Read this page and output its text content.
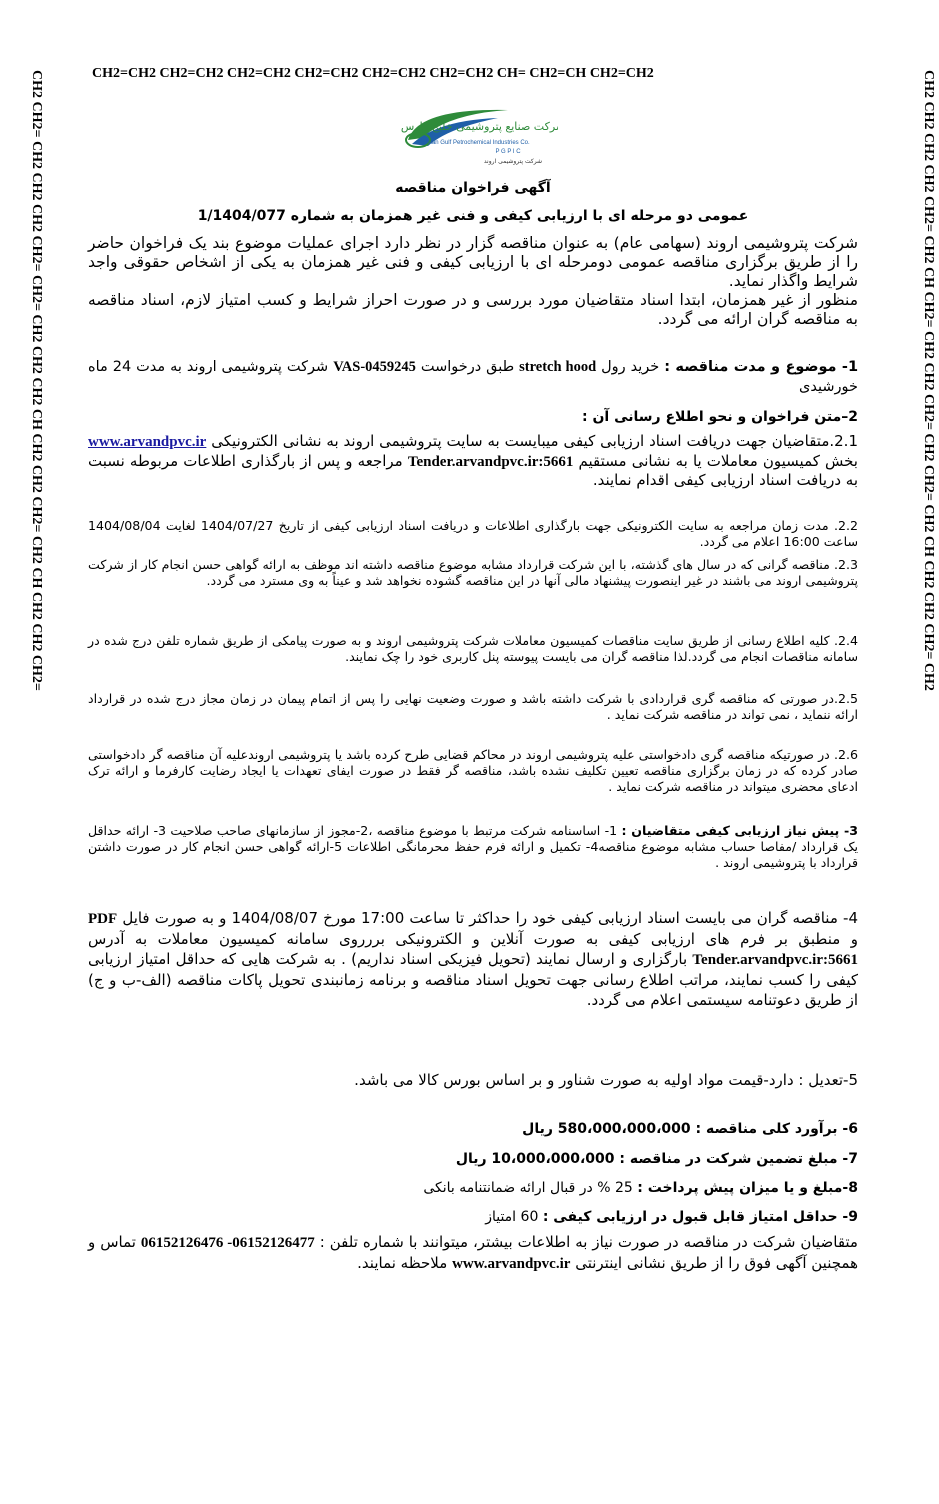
CH2=CH2 CH2=CH2 CH2=CH2 CH2=CH2 CH2=CH2 CH2=CH2 CH= CH2=CH CH2=CH2
CH2 CH2= CH2 CH2 CH2 CH2= CH2= CH2 CH2 CH2 CH CH2 CH2 CH2= CH2 CH CH2 CH2 CH2=	CH2 CH2 CH2 CH2 CH2= CH2 CH CH2= CH2 CH2 CH2= CH2 CH2= CH2 CH CH2 CH2 CH2= CH2
شرکت صنایع پتروشیمی خلیج فارس
Persian Gulf Petrochemical Industries Co.
P G P I C
شرکت پتروشیمی اروند
آگهی فراخوان مناقصه
عمومی دو مرحله ای با ارزیابی کیفی و فنی غیر همزمان به شماره 1/1404/077
شرکت پتروشیمی اروند (سهامی عام) به عنوان مناقصه گزار در نظر دارد اجرای عملیات موضوع بند یک فراخوان حاضر را از طریق برگزاری مناقصه عمومی دومرحله ای با ارزیابی کیفی و فنی غیر همزمان به یکی از اشخاص حقوقی واجد شرایط واگذار نماید.
منظور از غیر همزمان، ابتدا اسناد متقاضیان مورد بررسی و در صورت احراز شرایط و کسب امتیاز لازم، اسناد مناقصه به مناقصه گران ارائه می گردد.
1- موضوع و مدت مناقصه : خرید رول stretch hood طبق درخواست VAS-0459245 شرکت پتروشیمی اروند به مدت 24 ماه خورشیدی
2–متن فراخوان و نحو اطلاع رسانی آن :
2.1.متقاضیان جهت دریافت اسناد ارزیابی کیفی میبایست به سایت پتروشیمی اروند به نشانی الکترونیکی www.arvandpvc.ir بخش کمیسیون معاملات یا به نشانی مستقیم Tender.arvandpvc.ir:5661 مراجعه و پس از بارگذاری اطلاعات مربوطه نسبت به دریافت اسناد ارزیابی کیفی اقدام نمایند.
2.2. مدت زمان مراجعه به سایت الکترونیکی جهت بارگذاری اطلاعات و دریافت اسناد ارزیابی کیفی از تاریخ 1404/07/27 لغایت 1404/08/04 ساعت 16:00 اعلام می گردد.
2.3. مناقصه گرانی که در سال های گذشته، با این شرکت قرارداد مشابه موضوع مناقصه داشته اند موظف به ارائه گواهی حسن انجام کار از شرکت پتروشیمی اروند می باشند در غیر اینصورت پیشنهاد مالی آنها در این مناقصه گشوده نخواهد شد و عیناً به وی مسترد می گردد.
2.4. کلیه اطلاع رسانی از طریق سایت مناقصات کمیسیون معاملات شرکت پتروشیمی اروند و به صورت پیامکی از طریق شماره تلفن درج شده در سامانه مناقصات انجام می گردد.لذا مناقصه گران می بایست پیوسته پنل کاربری خود را چک نمایند.
2.5.در صورتی که مناقصه گری قراردادی با شرکت داشته باشد و صورت وضعیت نهایی را پس از اتمام پیمان در زمان مجاز درج شده در قرارداد ارائه ننماید ، نمی تواند در مناقصه شرکت نماید .
2.6. در صورتیکه مناقصه گری دادخواستی علیه پتروشیمی اروند در محاکم قضایی طرح کرده باشد یا پتروشیمی اروندعلیه آن مناقصه گر دادخواستی صادر کرده که در زمان برگزاری مناقصه تعیین تکلیف نشده باشد، مناقصه گر فقط در صورت ایفای تعهدات یا ایجاد رضایت کارفرما و ارائه ترک ادعای محضری میتواند در مناقصه شرکت نماید .
3- پیش نیاز ارزیابی کیفی متقاضیان : 1- اساسنامه شرکت مرتبط با موضوع مناقصه ،2-مجوز از سازمانهای صاحب صلاحیت 3- ارائه حداقل یک قرارداد /مفاصا حساب مشابه موضوع مناقصه4- تکمیل و ارائه فرم حفظ محرمانگی اطلاعات 5-ارائه گواهی حسن انجام کار در صورت داشتن قرارداد با پتروشیمی اروند .
4- مناقصه گران می بایست اسناد ارزیابی کیفی خود را حداکثر تا ساعت 17:00 مورخ 1404/08/07 و به صورت فایل PDF و منطبق بر فرم های ارزیابی کیفی به صورت آنلاین و الکترونیکی بررروی سامانه کمیسیون معاملات به آدرس Tender.arvandpvc.ir:5661 بارگزاری و ارسال نمایند (تحویل فیزیکی اسناد نداریم) . به شرکت هایی که حداقل امتیاز ارزیابی کیفی را کسب نمایند، مراتب اطلاع رسانی جهت تحویل اسناد مناقصه و برنامه زمانبندی تحویل پاکات مناقصه (الف-ب و ج) از طریق دعوتنامه سیستمی اعلام می گردد.
5-تعدیل : دارد-قیمت مواد اولیه به صورت شناور و بر اساس بورس کالا می باشد.
6- برآورد کلی مناقصه : 580،000،000،000 ریال
7- مبلغ تضمین شرکت در مناقصه : 10،000،000،000 ریال
8-مبلغ و یا میزان پیش پرداخت : 25 % در قبال ارائه ضمانتنامه بانکی
9- حداقل امتیاز قابل قبول در ارزیابی کیفی : 60 امتیاز
متقاضیان شرکت در مناقصه در صورت نیاز به اطلاعات بیشتر، میتوانند با شماره تلفن : 06152126476 -06152126477 تماس و همچنین آگهی فوق را از طریق نشانی اینترنتی www.arvandpvc.ir ملاحظه نمایند.
